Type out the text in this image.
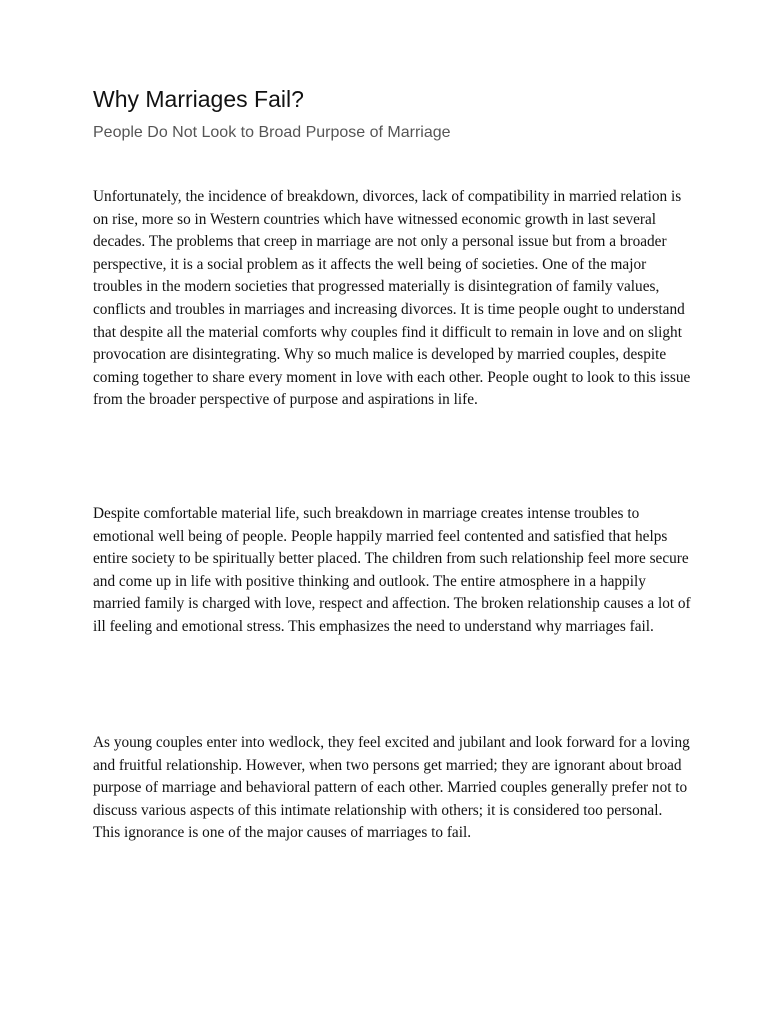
Why Marriages Fail?
People Do Not Look to Broad Purpose of Marriage

Unfortunately, the incidence of breakdown, divorces, lack of compatibility in married relation is on rise, more so in Western countries which have witnessed economic growth in last several decades. The problems that creep in marriage are not only a personal issue but from a broader perspective, it is a social problem as it affects the well being of societies. One of the major troubles in the modern societies that progressed materially is disintegration of family values, conflicts and troubles in marriages and increasing divorces. It is time people ought to understand that despite all the material comforts why couples find it difficult to remain in love and on slight provocation are disintegrating. Why so much malice is developed by married couples, despite coming together to share every moment in love with each other. People ought to look to this issue from the broader perspective of purpose and aspirations in life.

Despite comfortable material life, such breakdown in marriage creates intense troubles to emotional well being of people. People happily married feel contented and satisfied that helps entire society to be spiritually better placed. The children from such relationship feel more secure and come up in life with positive thinking and outlook. The entire atmosphere in a happily married family is charged with love, respect and affection. The broken relationship causes a lot of ill feeling and emotional stress. This emphasizes the need to understand why marriages fail.

As young couples enter into wedlock, they feel excited and jubilant and look forward for a loving and fruitful relationship. However, when two persons get married; they are ignorant about broad purpose of marriage and behavioral pattern of each other. Married couples generally prefer not to discuss various aspects of this intimate relationship with others; it is considered too personal. This ignorance is one of the major causes of marriages to fail.
